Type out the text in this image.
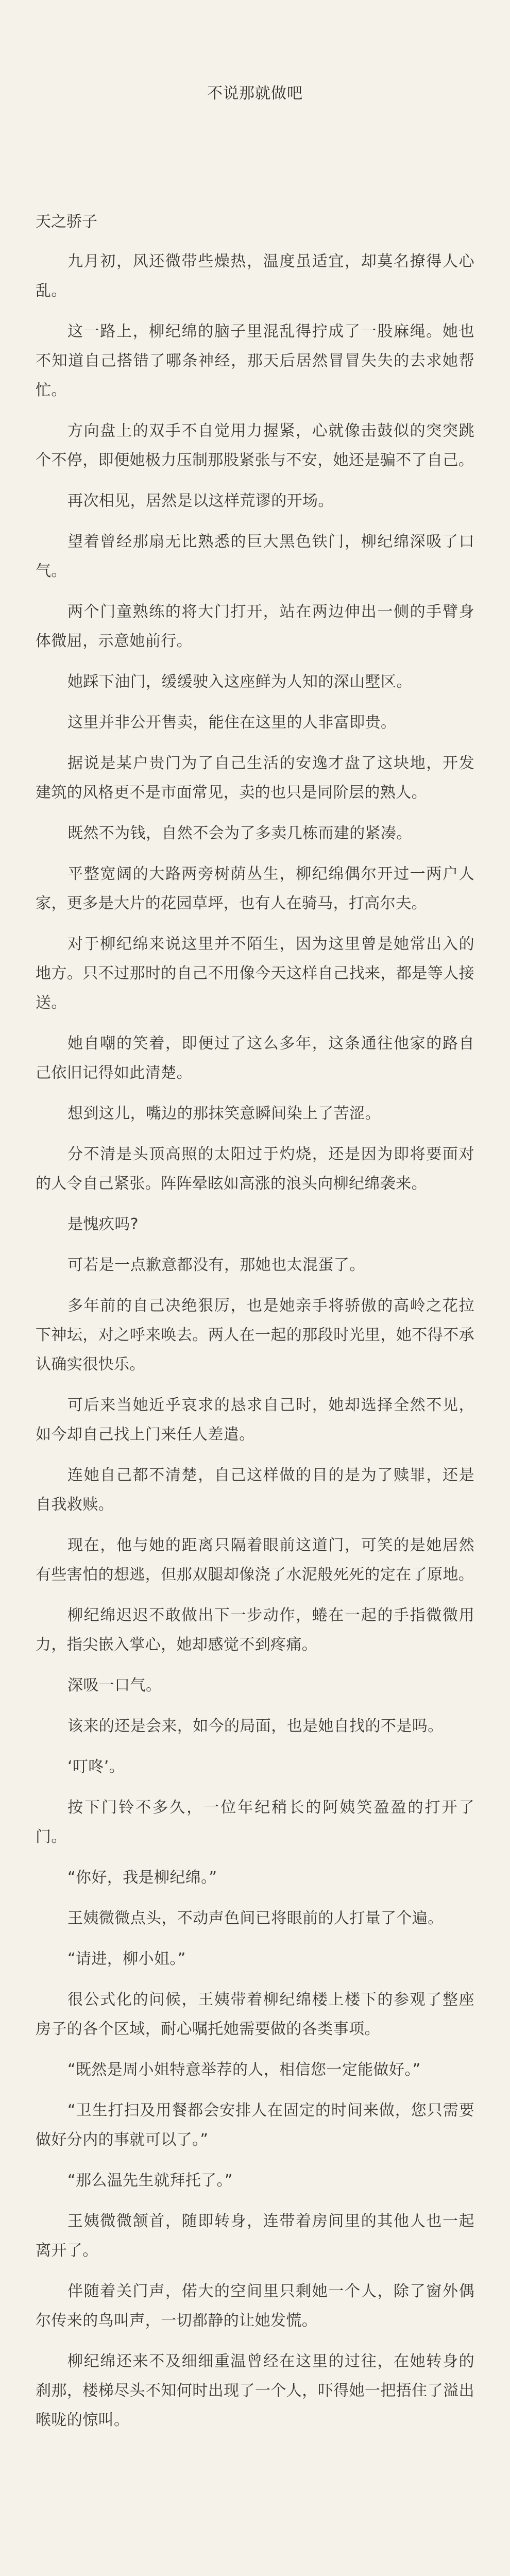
不说那就做吧
天之骄子

九月初，风还微带些燥热，温度虽适宜，却莫名撩得人心乱。

这一路上，柳纪绵的脑子里混乱得拧成了一股麻绳。她也不知道自己搭错了哪条神经，那天后居然冒冒失失的去求她帮忙。

方向盘上的双手不自觉用力握紧，心就像击鼓似的突突跳个不停，即便她极力压制那股紧张与不安，她还是骗不了自己。

再次相见，居然是以这样荒谬的开场。

望着曾经那扇无比熟悉的巨大黑色铁门，柳纪绵深吸了口气。

两个门童熟练的将大门打开，站在两边伸出一侧的手臂身体微屈，示意她前行。

她踩下油门，缓缓驶入这座鲜为人知的深山墅区。

这里并非公开售卖，能住在这里的人非富即贵。

据说是某户贵门为了自己生活的安逸才盘了这块地，开发建筑的风格更不是市面常见，卖的也只是同阶层的熟人。

既然不为钱，自然不会为了多卖几栋而建的紧凑。

平整宽阔的大路两旁树荫丛生，柳纪绵偶尔开过一两户人家，更多是大片的花园草坪，也有人在骑马，打高尔夫。

对于柳纪绵来说这里并不陌生，因为这里曾是她常出入的地方。只不过那时的自己不用像今天这样自己找来，都是等人接送。

她自嘲的笑着，即便过了这么多年，这条通往他家的路自己依旧记得如此清楚。

想到这儿，嘴边的那抹笑意瞬间染上了苦涩。

分不清是头顶高照的太阳过于灼烧，还是因为即将要面对的人令自己紧张。阵阵晕眩如高涨的浪头向柳纪绵袭来。

是愧疚吗?

可若是一点歉意都没有，那她也太混蛋了。

多年前的自己决绝狠厉，也是她亲手将骄傲的高岭之花拉下神坛，对之呼来唤去。两人在一起的那段时光里，她不得不承认确实很快乐。

可后来当她近乎哀求的恳求自己时，她却选择全然不见，如今却自己找上门来任人差遣。

连她自己都不清楚，自己这样做的目的是为了赎罪，还是自我救赎。

现在，他与她的距离只隔着眼前这道门，可笑的是她居然有些害怕的想逃，但那双腿却像浇了水泥般死死的定在了原地。

柳纪绵迟迟不敢做出下一步动作，蜷在一起的手指微微用力，指尖嵌入掌心，她却感觉不到疼痛。

深吸一口气。

该来的还是会来，如今的局面，也是她自找的不是吗。

‘叮咚’。

按下门铃不多久，一位年纪稍长的阿姨笑盈盈的打开了门。

“你好，我是柳纪绵。”

王姨微微点头，不动声色间已将眼前的人打量了个遍。

“请进，柳小姐。”

很公式化的问候，王姨带着柳纪绵楼上楼下的参观了整座房子的各个区域，耐心嘱托她需要做的各类事项。

“既然是周小姐特意举荐的人，相信您一定能做好。”

“卫生打扫及用餐都会安排人在固定的时间来做，您只需要做好分内的事就可以了。”

“那么温先生就拜托了。”

王姨微微颔首，随即转身，连带着房间里的其他人也一起离开了。

伴随着关门声，偌大的空间里只剩她一个人，除了窗外偶尔传来的鸟叫声，一切都静的让她发慌。

柳纪绵还来不及细细重温曾经在这里的过往，在她转身的刹那，楼梯尽头不知何时出现了一个人，吓得她一把捂住了溢出喉咙的惊叫。
